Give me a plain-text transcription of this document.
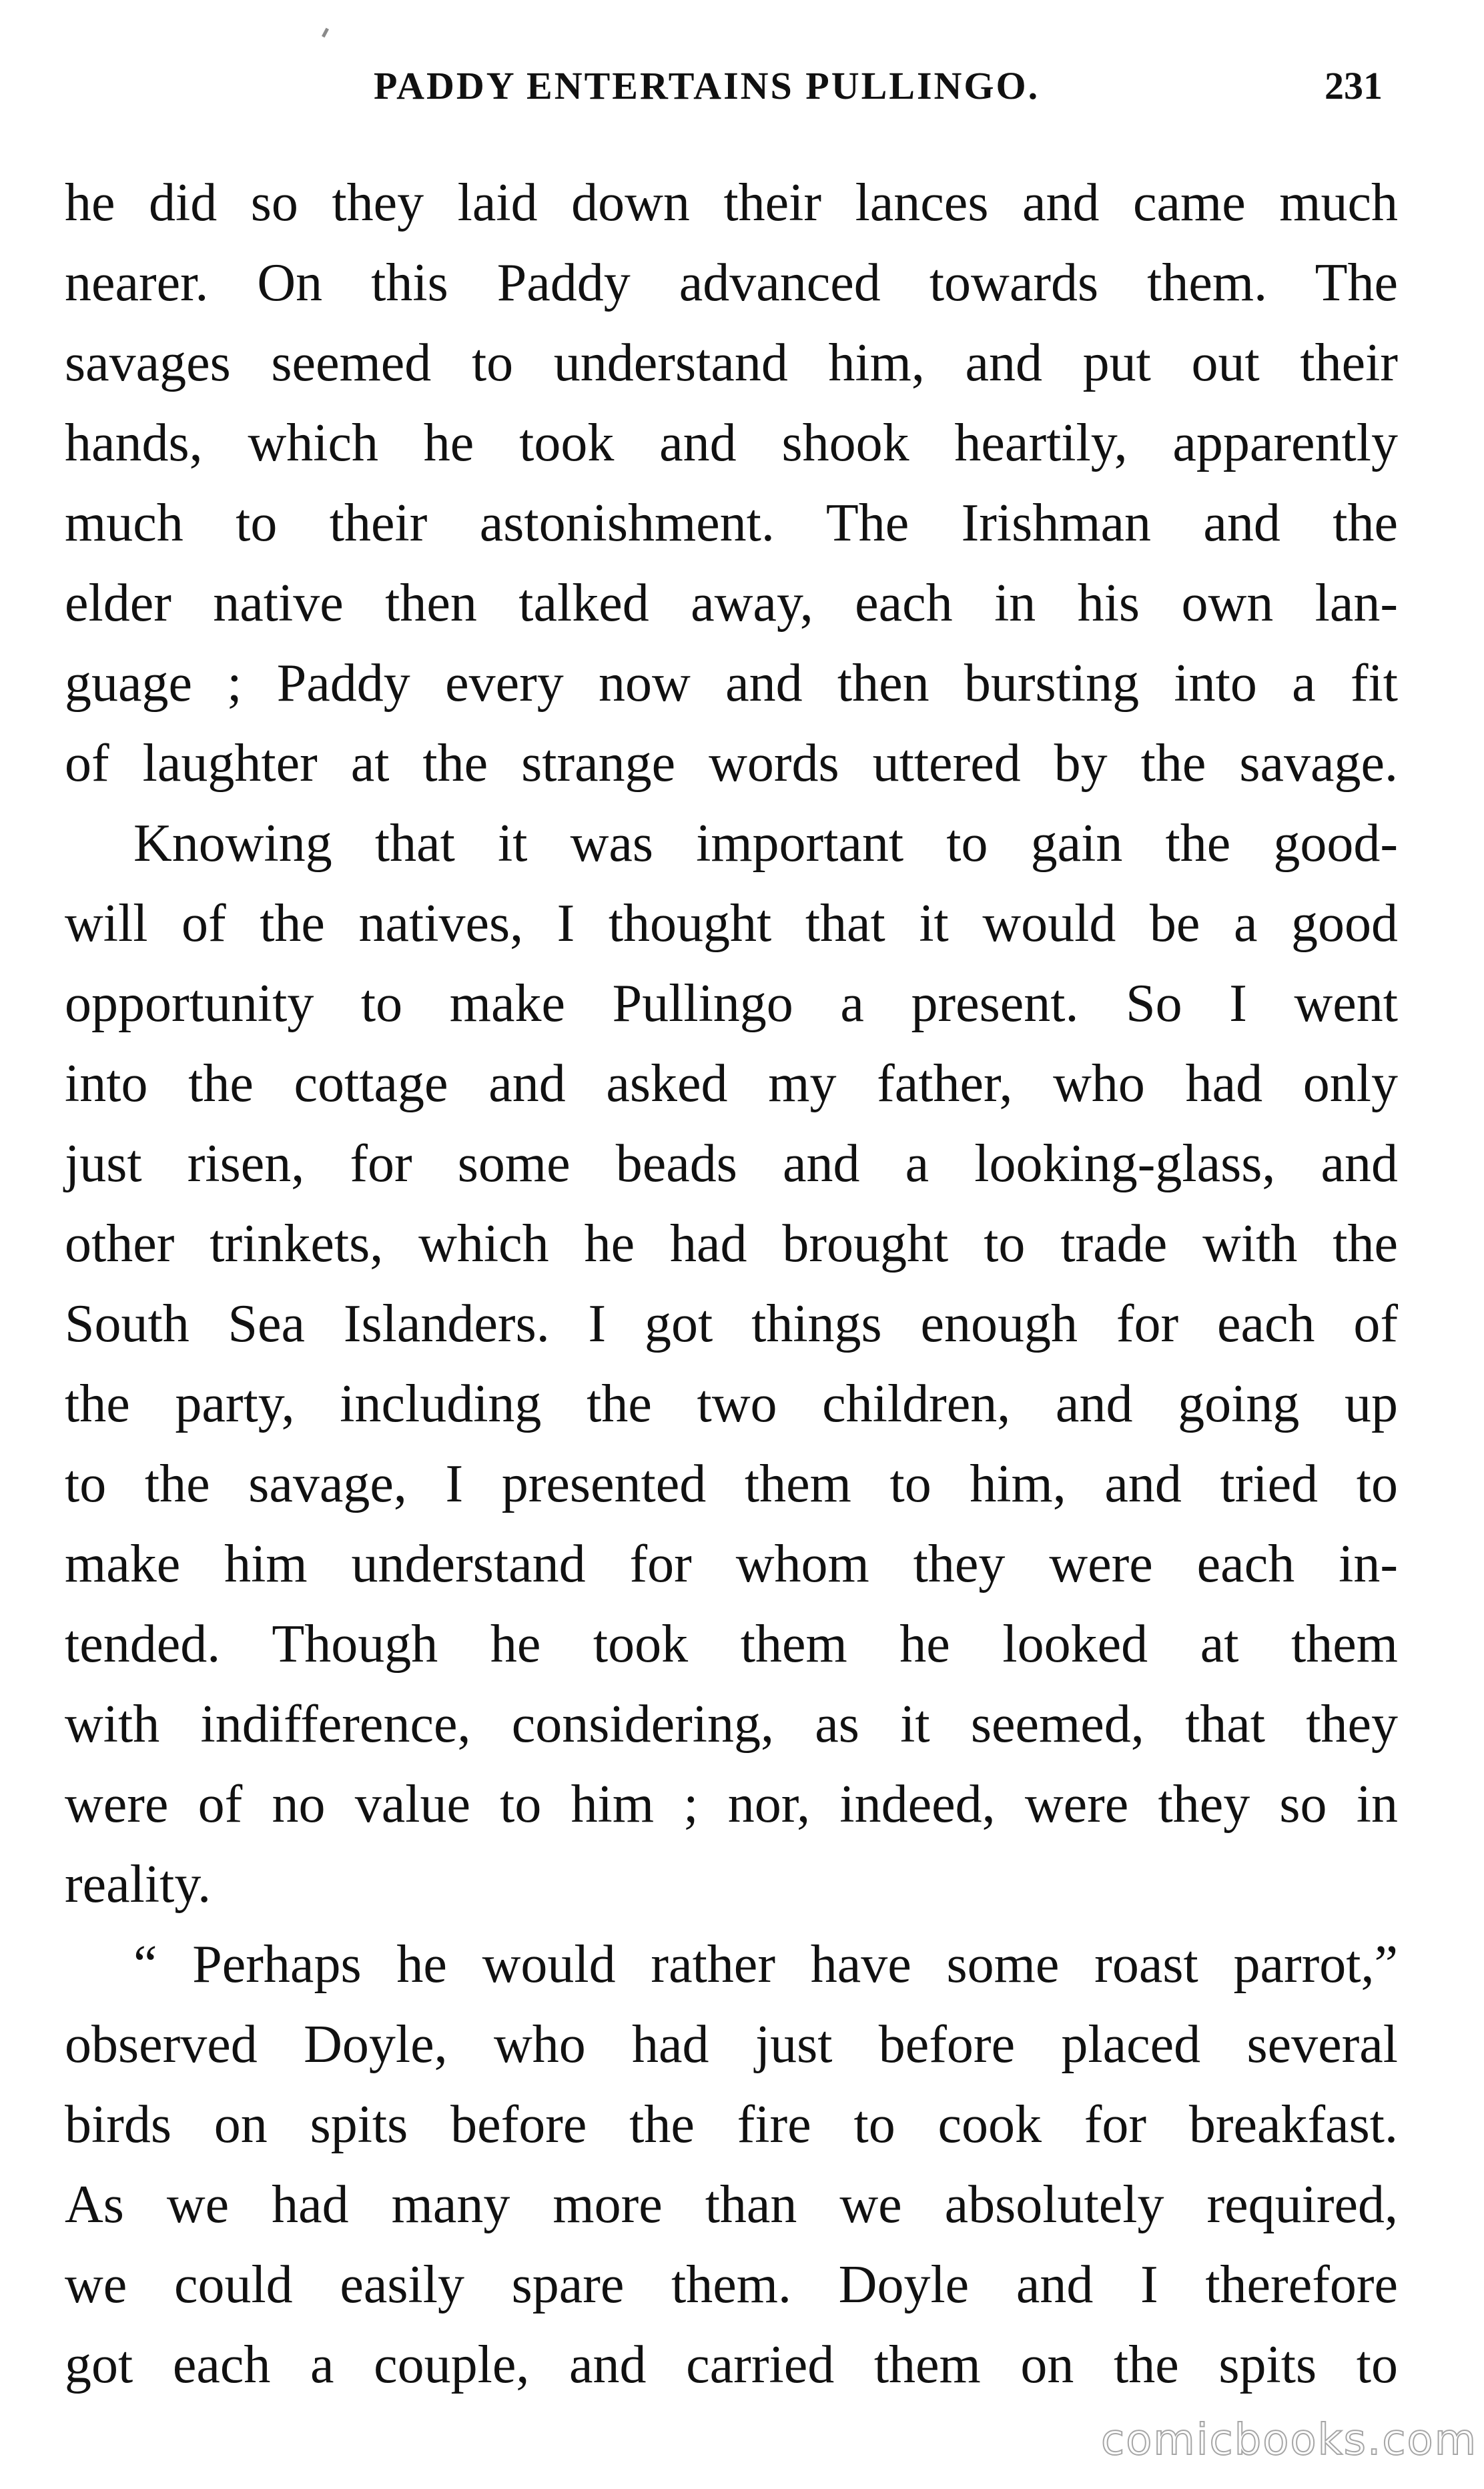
PADDY ENTERTAINS PULLINGO.	231
he did so they laid down their lances and came much
nearer. On this Paddy advanced towards them. The
savages seemed to understand him, and put out their
hands, which he took and shook heartily, apparently
much to their astonishment. The Irishman and the
elder native then talked away, each in his own lan-
guage ; Paddy every now and then bursting into a fit
of laughter at the strange words uttered by the savage.
Knowing that it was important to gain the good-
will of the natives, I thought that it would be a good
opportunity to make Pullingo a present. So I went
into the cottage and asked my father, who had only
just risen, for some beads and a looking-glass, and
other trinkets, which he had brought to trade with the
South Sea Islanders. I got things enough for each of
the party, including the two children, and going up
to the savage, I presented them to him, and tried to
make him understand for whom they were each in-
tended. Though he took them he looked at them
with indifference, considering, as it seemed, that they
were of no value to him ; nor, indeed, were they so in
reality.
“ Perhaps he would rather have some roast parrot,”
observed Doyle, who had just before placed several
birds on spits before the fire to cook for breakfast.
As we had many more than we absolutely required,
we could easily spare them. Doyle and I therefore
got each a couple, and carried them on the spits to
comicbooks.com
